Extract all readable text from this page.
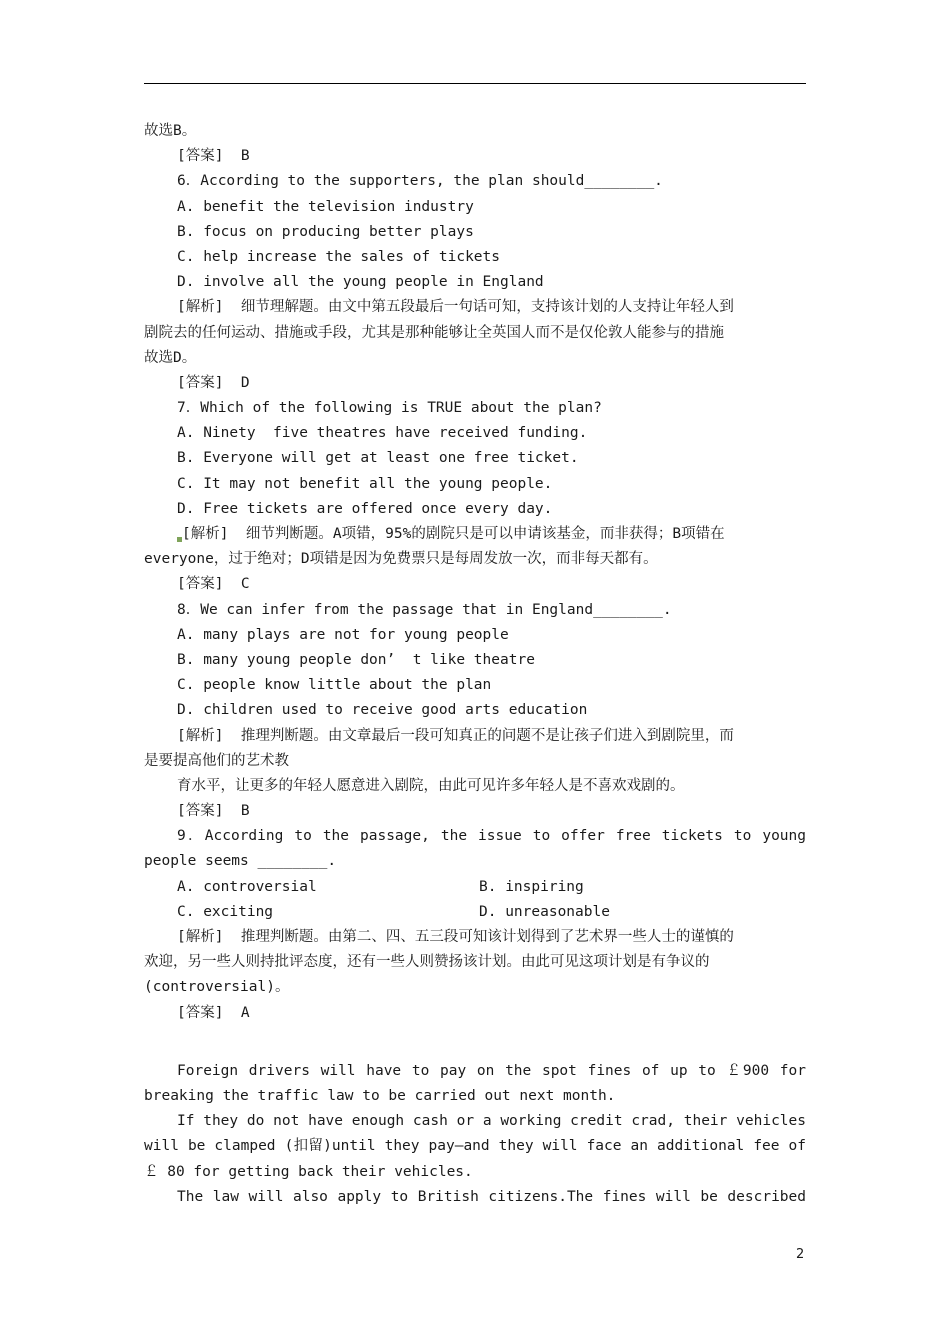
故选B。
[答案]  B
6．According to the supporters, the plan should________.
A. benefit the television industry
B. focus on producing better plays
C. help increase the sales of tickets
D. involve all the young people in England
[解析]  细节理解题。由文中第五段最后一句话可知，支持该计划的人支持让年轻人到
剧院去的任何运动、措施或手段，尤其是那种能够让全英国人而不是仅伦敦人能参与的措施
故选D。
[答案]  D
7．Which of the following is TRUE about the plan?
A. Ninety  five theatres have received funding.
B. Everyone will get at least one free ticket.
C. It may not benefit all the young people.
D. Free tickets are offered once every day.
[解析]  细节判断题。A项错，95%的剧院只是可以申请该基金，而非获得；B项错在
everyone，过于绝对；D项错是因为免费票只是每周发放一次，而非每天都有。
[答案]  C
8．We can infer from the passage that in England________.
A. many plays are not for young people
B. many young people don’  t like theatre
C. people know little about the plan
D. children used to receive good arts education
[解析]  推理判断题。由文章最后一段可知真正的问题不是让孩子们进入到剧院里，而
是要提高他们的艺术教
育水平，让更多的年轻人愿意进入剧院，由此可见许多年轻人是不喜欢戏剧的。
[答案]  B
9．According to the passage, the issue to offer free tickets to young
people seems ________.
A. controversial	B. inspiring
C. exciting	D. unreasonable
[解析]  推理判断题。由第二、四、五三段可知该计划得到了艺术界一些人士的谨慎的
欢迎，另一些人则持批评态度，还有一些人则赞扬该计划。由此可见这项计划是有争议的
(controversial)。
[答案]  A
Foreign drivers will have to pay on the spot fines of up to ￡900 for
breaking the traffic law to be carried out next month.
If they do not have enough cash or a working credit crad, their vehicles
will be clamped (扣留)until they pay—and they will face an additional fee of
￡ 80 for getting back their vehicles.
The law will also apply to British citizens.The fines will be described
2
